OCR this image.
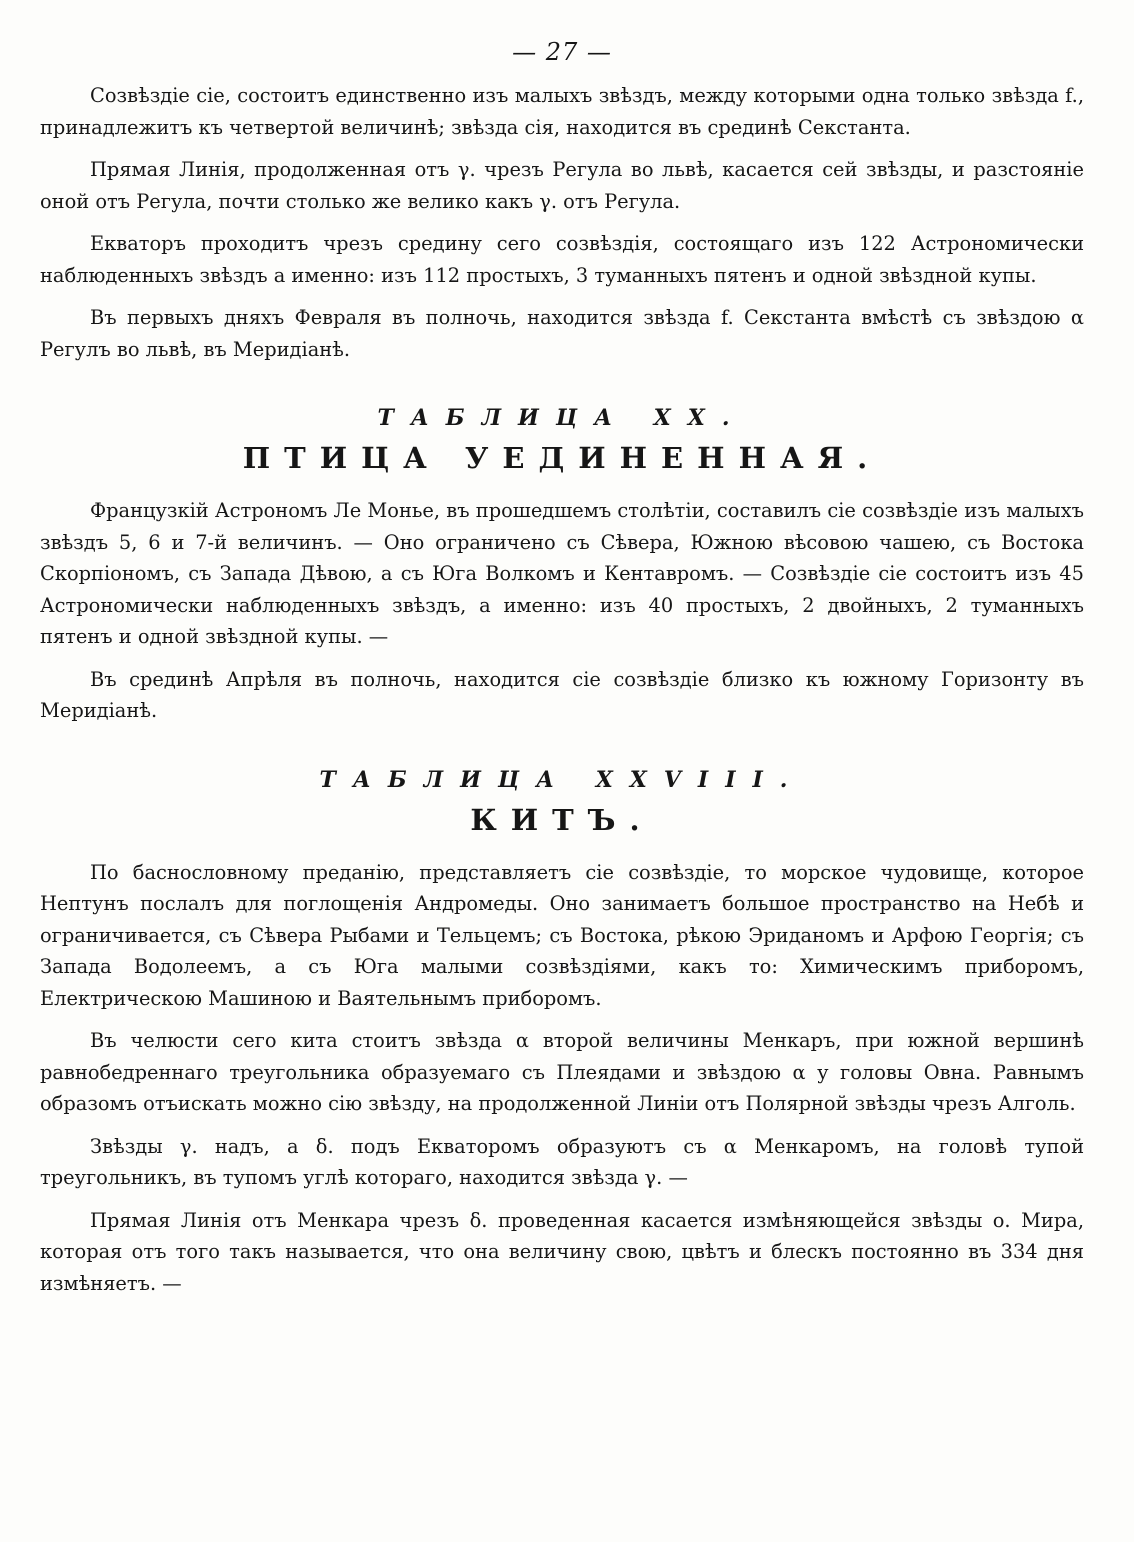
— 27 —

Созвѣздіе сіе, состоитъ единственно изъ малыхъ звѣздъ, между которыми одна только звѣзда f., принадлежитъ къ четвертой величинѣ; звѣзда сія, находится въ срединѣ Секстанта.

Прямая Линія, продолженная отъ γ. чрезъ Регула во львѣ, касается сей звѣзды, и разстояніе оной отъ Регула, почти столько же велико какъ γ. отъ Регула.

Екваторъ проходитъ чрезъ средину сего созвѣздія, состоящаго изъ 122 Астрономически наблюденныхъ звѣздъ а именно: изъ 112 простыхъ, 3 туманныхъ пятенъ и одной звѣздной купы.

Въ первыхъ дняхъ Февраля въ полночь, находится звѣзда f. Секстанта вмѣстѣ съ звѣздою α Регулъ во львѣ, въ Меридіанѣ.

ТАБЛИЦА XX.
ПТИЦА УЕДИНЕННАЯ.

Французкій Астрономъ Ле Монье, въ прошедшемъ столѣтіи, составилъ сіе созвѣздіе изъ малыхъ звѣздъ 5, 6 и 7-й величинъ. — Оно ограничено съ Сѣвера, Южною вѣсовою чашею, съ Востока Скорпіономъ, съ Запада Дѣвою, а съ Юга Волкомъ и Кентавромъ. — Созвѣздіе сіе состоитъ изъ 45 Астрономически наблюденныхъ звѣздъ, а именно: изъ 40 простыхъ, 2 двойныхъ, 2 туманныхъ пятенъ и одной звѣздной купы. —

Въ срединѣ Апрѣля въ полночь, находится сіе созвѣздіе близко къ южному Горизонту въ Меридіанѣ.

ТАБЛИЦА XXVIII.
КИТЪ.

По баснословному преданію, представляетъ сіе созвѣздіе, то морское чудовище, которое Нептунъ послалъ для поглощенія Андромеды. Оно занимаетъ большое пространство на Небѣ и ограничивается, съ Сѣвера Рыбами и Тельцемъ; съ Востока, рѣкою Эриданомъ и Арфою Георгія; съ Запада Водолеемъ, а съ Юга малыми созвѣздіями, какъ то: Химическимъ приборомъ, Електрическою Машиною и Ваятельнымъ приборомъ.

Въ челюсти сего кита стоитъ звѣзда α второй величины Менкаръ, при южной вершинѣ равнобедреннаго треугольника образуемаго съ Плеядами и звѣздою α у головы Овна. Равнымъ образомъ отъискать можно сію звѣзду, на продолженной Линіи отъ Полярной звѣзды чрезъ Алголь.

Звѣзды γ. надъ, а δ. подъ Екваторомъ образуютъ съ α Менкаромъ, на головѣ тупой треугольникъ, въ тупомъ углѣ котораго, находится звѣзда γ. —

Прямая Линія отъ Менкара чрезъ δ. проведенная касается измѣняющейся звѣзды ο. Мира, которая отъ того такъ называется, что она величину свою, цвѣтъ и блескъ постоянно въ 334 дня измѣняетъ. —
